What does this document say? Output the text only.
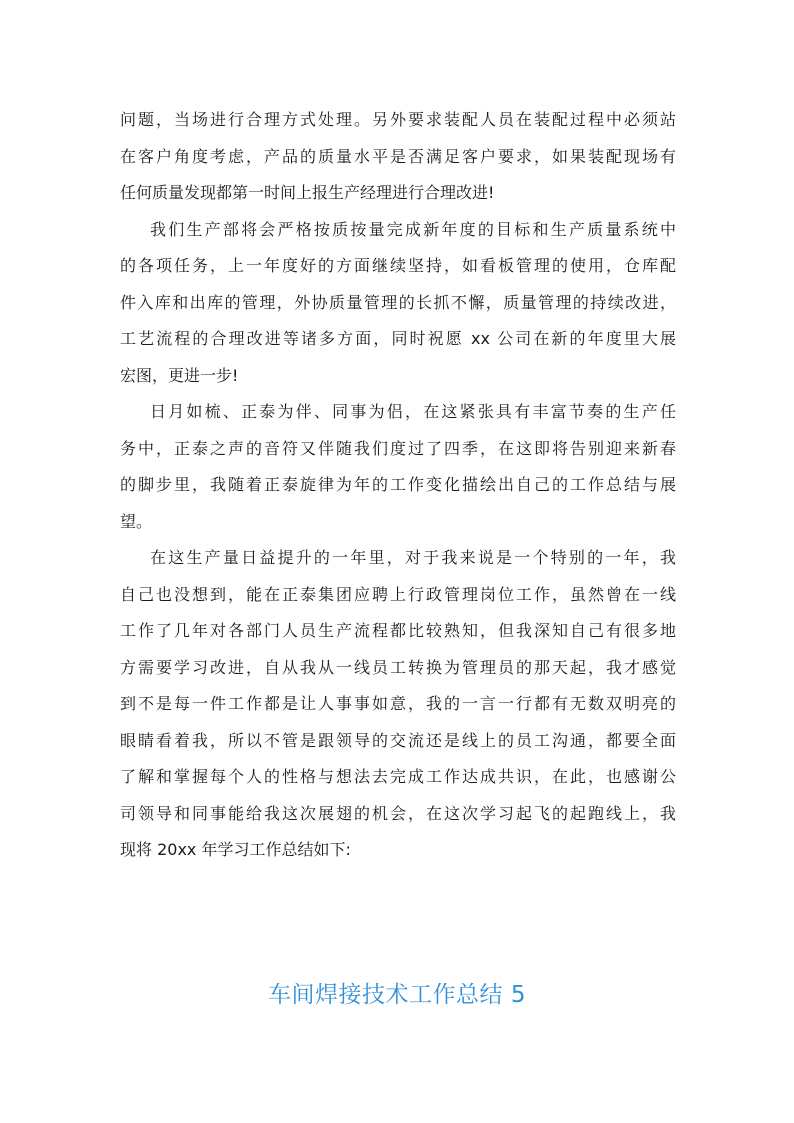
问题，当场进行合理方式处理。另外要求装配人员在装配过程中必须站
在客户角度考虑，产品的质量水平是否满足客户要求，如果装配现场有
任何质量发现都第一时间上报生产经理进行合理改进!
我们生产部将会严格按质按量完成新年度的目标和生产质量系统中
的各项任务，上一年度好的方面继续坚持，如看板管理的使用，仓库配
件入库和出库的管理，外协质量管理的长抓不懈，质量管理的持续改进，
工艺流程的合理改进等诸多方面，同时祝愿 xx 公司在新的年度里大展
宏图，更进一步!
日月如梳、正泰为伴、同事为侣，在这紧张具有丰富节奏的生产任
务中，正泰之声的音符又伴随我们度过了四季，在这即将告别迎来新春
的脚步里，我随着正泰旋律为年的工作变化描绘出自己的工作总结与展
望。
在这生产量日益提升的一年里，对于我来说是一个特别的一年，我
自己也没想到，能在正泰集团应聘上行政管理岗位工作，虽然曾在一线
工作了几年对各部门人员生产流程都比较熟知，但我深知自己有很多地
方需要学习改进，自从我从一线员工转换为管理员的那天起，我才感觉
到不是每一件工作都是让人事事如意，我的一言一行都有无数双明亮的
眼睛看着我，所以不管是跟领导的交流还是线上的员工沟通，都要全面
了解和掌握每个人的性格与想法去完成工作达成共识，在此，也感谢公
司领导和同事能给我这次展翅的机会，在这次学习起飞的起跑线上，我
现将 20xx 年学习工作总结如下:
车间焊接技术工作总结 5
